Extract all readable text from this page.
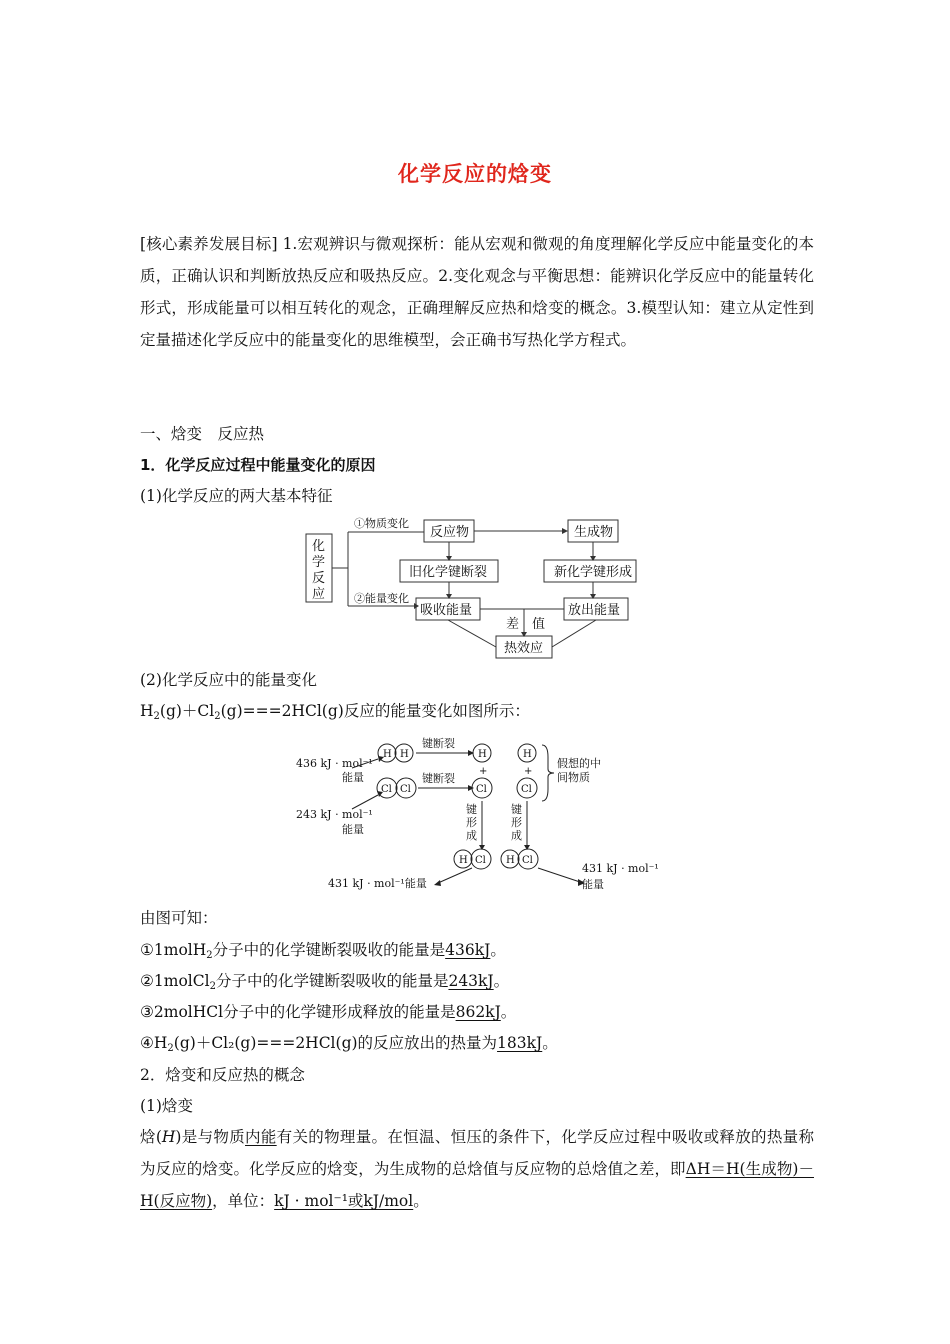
化学反应的焓变
[核心素养发展目标] 1.宏观辨识与微观探析：能从宏观和微观的角度理解化学反应中能量变化的本质，正确认识和判断放热反应和吸热反应。2.变化观念与平衡思想：能辨识化学反应中的能量转化形式，形成能量可以相互转化的观念，正确理解反应热和焓变的概念。3.模型认知：建立从定性到定量描述化学反应中的能量变化的思维模型，会正确书写热化学方程式。
一、焓变　反应热
1．化学反应过程中能量变化的原因
(1)化学反应的两大基本特征
化
学
反
应
反应物	生成物
旧化学键断裂	新化学键形成
吸收能量	放出能量
热效应
差　值
①物质变化
②能量变化
(2)化学反应中的能量变化
$H_2(g)+Cl_2(g)===2HCl(g)$反应的能量变化如图所示：
H H	H	H
Cl Cl	Cl	Cl
H Cl H Cl
+	+
436 kJ · mol⁻¹
能量
243 kJ · mol⁻¹
能量
键断裂
键断裂
键
形
成
键
形
成
假想的中
间物质
431 kJ · mol⁻¹能量
431 kJ · mol⁻¹
能量
由图可知：
①1molH$_2$分子中的化学键断裂吸收的能量是436kJ。
②1molCl$_2$分子中的化学键断裂吸收的能量是243kJ。
③2molHCl分子中的化学键形成释放的能量是862kJ。
$④H_2(g)+Cl_2(g)===2HCl(g)$的反应放出的热量为183kJ。
2．焓变和反应热的概念
(1)焓变
焓(H)是与物质内能有关的物理量。在恒温、恒压的条件下，化学反应过程中吸收或释放的热量称为反应的焓变。化学反应的焓变，为生成物的总焓值与反应物的总焓值之差，即ΔH＝H(生成物)－H(反应物)，单位：kJ · mol⁻¹或kJ/mol。
